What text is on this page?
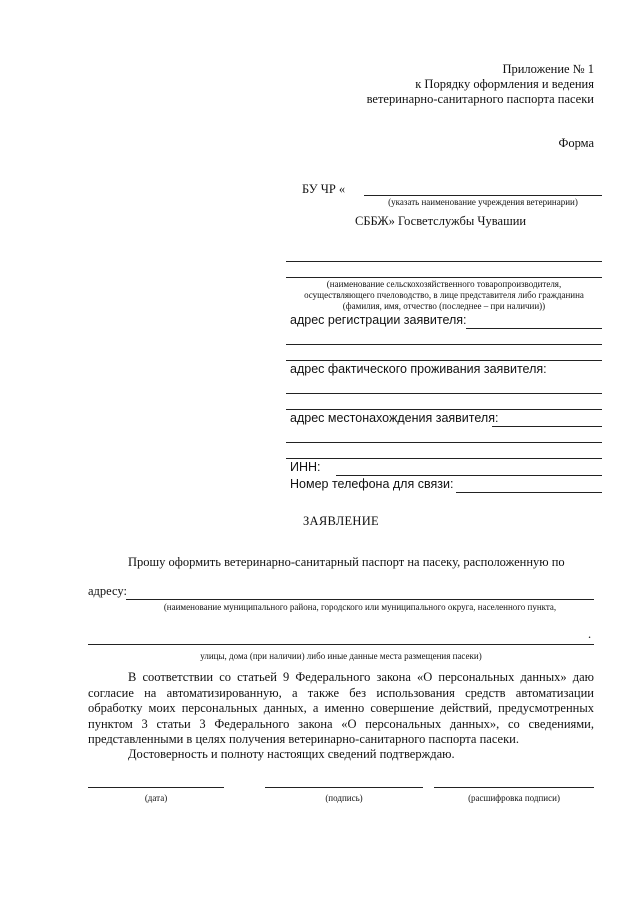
Приложение № 1
к Порядку оформления и ведения
ветеринарно-санитарного паспорта пасеки
Форма
БУ ЧР «
(указать наименование учреждения ветеринарии)
СББЖ» Госветслужбы Чувашии
(наименование сельскохозяйственного товаропроизводителя,
осуществляющего пчеловодство, в лице представителя либо гражданина
(фамилия, имя, отчество (последнее – при наличии))
адрес регистрации заявителя:
адрес фактического проживания заявителя:
адрес местонахождения заявителя:
ИНН:
Номер телефона для связи:
ЗАЯВЛЕНИЕ
Прошу оформить ветеринарно-санитарный паспорт на пасеку, расположенную по
адресу:
(наименование муниципального района, городского или муниципального округа, населенного пункта,
.
улицы, дома (при наличии) либо иные данные места размещения пасеки)
В соответствии со статьей 9 Федерального закона «О персональных данных» даю согласие на автоматизированную, а также без использования средств автоматизации обработку моих персональных данных, а именно совершение действий, предусмотренных пунктом 3 статьи 3 Федерального закона «О персональных данных», со сведениями, представленными в целях получения ветеринарно-санитарного паспорта пасеки.
Достоверность и полноту настоящих сведений подтверждаю.
(дата)	(подпись)	(расшифровка подписи)
